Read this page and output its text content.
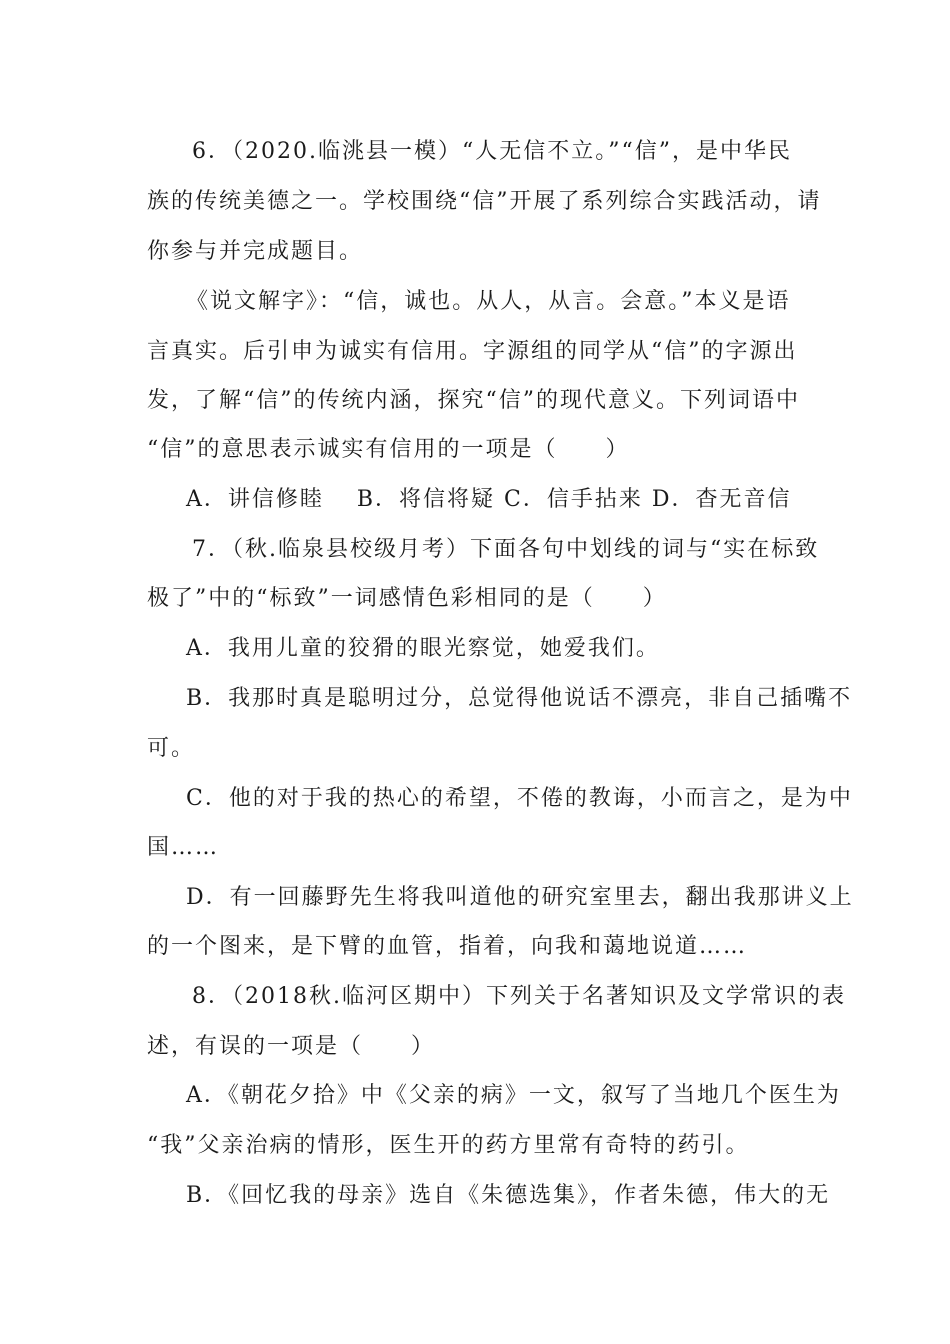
6．（2020.临洮县一模）“人无信不立。”“信”，是中华民
族的传统美德之一。学校围绕“信”开展了系列综合实践活动，请
你参与并完成题目。
《说文解字》：“信，诚也。从人，从言。会意。”本义是语
言真实。后引申为诚实有信用。字源组的同学从“信”的字源出
发，了解“信”的传统内涵，探究“信”的现代意义。下列词语中
“信”的意思表示诚实有信用的一项是（　　）
A．讲信修睦　 B．将信将疑 C．信手拈来 D．杳无音信
7．（秋.临泉县校级月考）下面各句中划线的词与“实在标致
极了”中的“标致”一词感情色彩相同的是（　　）
A．我用儿童的狡猾的眼光察觉，她爱我们。
B．我那时真是聪明过分，总觉得他说话不漂亮，非自己插嘴不
可。
C．他的对于我的热心的希望，不倦的教诲，小而言之，是为中
国……
D．有一回藤野先生将我叫道他的研究室里去，翻出我那讲义上
的一个图来，是下臂的血管，指着，向我和蔼地说道……
8．（2018秋.临河区期中）下列关于名著知识及文学常识的表
述，有误的一项是（　　）
A．《朝花夕拾》中《父亲的病》一文，叙写了当地几个医生为
“我”父亲治病的情形，医生开的药方里常有奇特的药引。
B．《回忆我的母亲》选自《朱德选集》，作者朱德，伟大的无
